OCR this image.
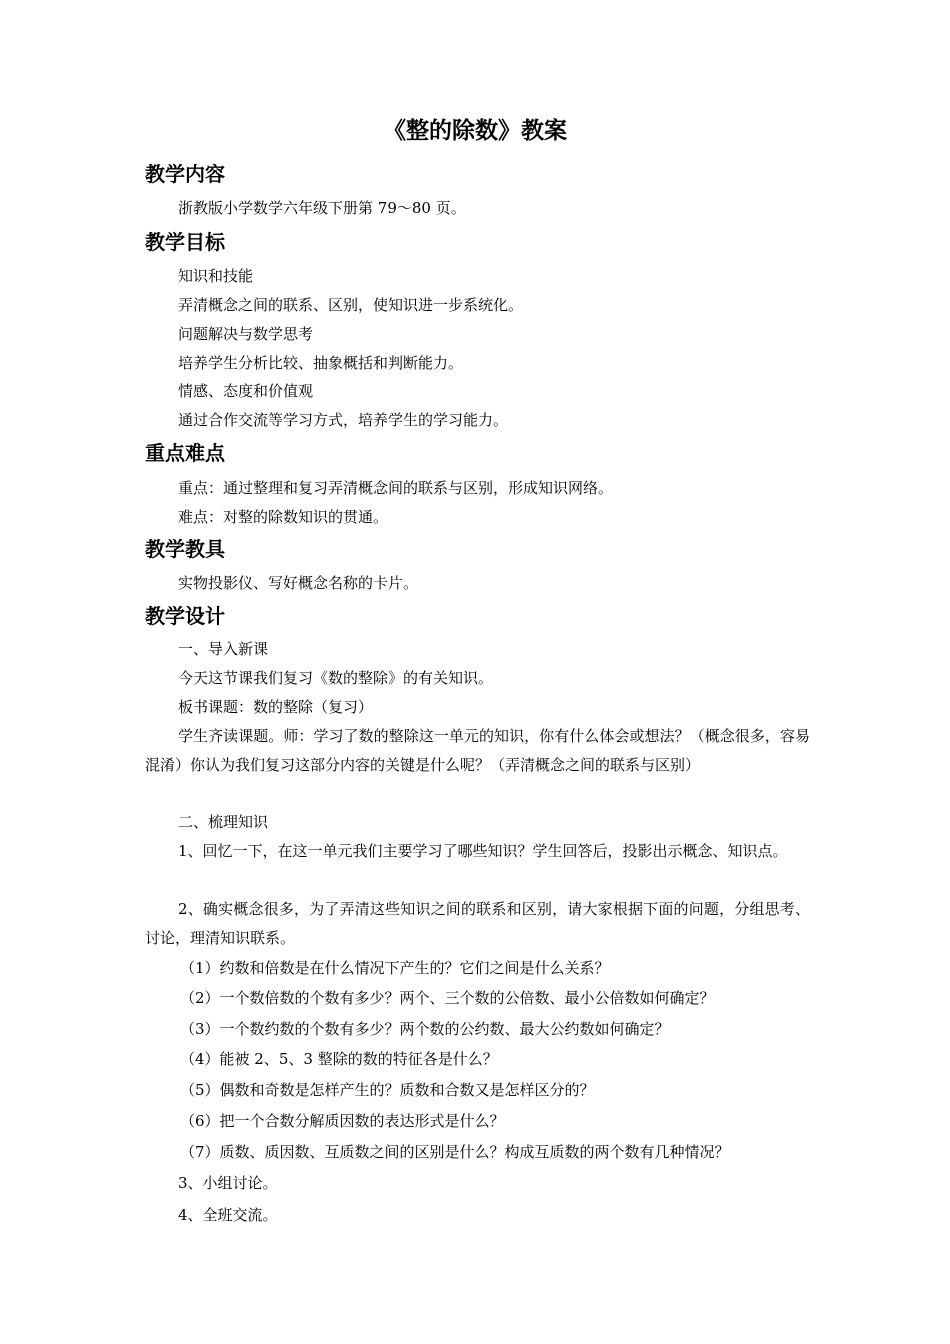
《整的除数》教案
教学内容
浙教版小学数学六年级下册第 79～80 页。
教学目标
知识和技能
弄清概念之间的联系、区别，使知识进一步系统化。
问题解决与数学思考
培养学生分析比较、抽象概括和判断能力。
情感、态度和价值观
通过合作交流等学习方式，培养学生的学习能力。
重点难点
重点：通过整理和复习弄清概念间的联系与区别，形成知识网络。
难点：对整的除数知识的贯通。
教学教具
实物投影仪、写好概念名称的卡片。
教学设计
一、导入新课
今天这节课我们复习《数的整除》的有关知识。
板书课题：数的整除（复习）
学生齐读课题。师：学习了数的整除这一单元的知识，你有什么体会或想法？（概念很多，容易混淆）你认为我们复习这部分内容的关键是什么呢？（弄清概念之间的联系与区别）
二、梳理知识
1、回忆一下，在这一单元我们主要学习了哪些知识？学生回答后，投影出示概念、知识点。
2、确实概念很多，为了弄清这些知识之间的联系和区别，请大家根据下面的问题，分组思考、讨论，理清知识联系。
（1）约数和倍数是在什么情况下产生的？它们之间是什么关系？
（2）一个数倍数的个数有多少？两个、三个数的公倍数、最小公倍数如何确定？
（3）一个数约数的个数有多少？两个数的公约数、最大公约数如何确定？
（4）能被 2、5、3 整除的数的特征各是什么？
（5）偶数和奇数是怎样产生的？质数和合数又是怎样区分的？
（6）把一个合数分解质因数的表达形式是什么？
（7）质数、质因数、互质数之间的区别是什么？构成互质数的两个数有几种情况？
3、小组讨论。
4、全班交流。
